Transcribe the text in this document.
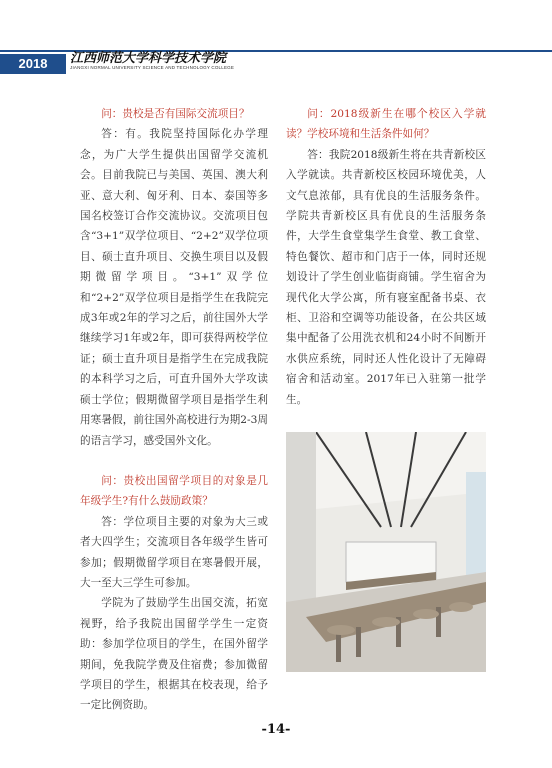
2018	江西师范大学科学技术学院
JIANGXI NORMAL UNIVERSITY SCIENCE AND TECHNOLOGY COLLEGE

问：贵校是否有国际交流项目？

答：有。我院坚持国际化办学理念，为广大学生提供出国留学交流机会。目前我院已与美国、英国、澳大利亚、意大利、匈牙利、日本、泰国等多国名校签订合作交流协议。交流项目包含“3+1”双学位项目、“2+2”双学位项目、硕士直升项目、交换生项目以及假期微留学项目。“3+1”双学位和“2+2”双学位项目是指学生在我院完成3年或2年的学习之后，前往国外大学继续学习1年或2年，即可获得两校学位证；硕士直升项目是指学生在完成我院的本科学习之后，可直升国外大学攻读硕士学位；假期微留学项目是指学生利用寒暑假，前往国外高校进行为期2-3周的语言学习，感受国外文化。

问：贵校出国留学项目的对象是几年级学生?有什么鼓励政策？

答：学位项目主要的对象为大三或者大四学生；交流项目各年级学生皆可参加；假期微留学项目在寒暑假开展，大一至大三学生可参加。

学院为了鼓励学生出国交流，拓宽视野，给予我院出国留学学生一定资助：参加学位项目的学生，在国外留学期间，免我院学费及住宿费；参加微留学项目的学生，根据其在校表现，给予一定比例资助。

问：2018级新生在哪个校区入学就读？学校环境和生活条件如何？

答：我院2018级新生将在共青新校区入学就读。共青新校区校园环境优美，人文气息浓郁，具有优良的生活服务条件。学院共青新校区具有优良的生活服务条件，大学生食堂集学生食堂、教工食堂、特色餐饮、超市和门店于一体，同时还规划设计了学生创业临街商铺。学生宿舍为现代化大学公寓，所有寝室配备书桌、衣柜、卫浴和空调等功能设备，在公共区域集中配备了公用洗衣机和24小时不间断开水供应系统，同时还人性化设计了无障碍宿舍和活动室。2017年已入驻第一批学生。

-14-
